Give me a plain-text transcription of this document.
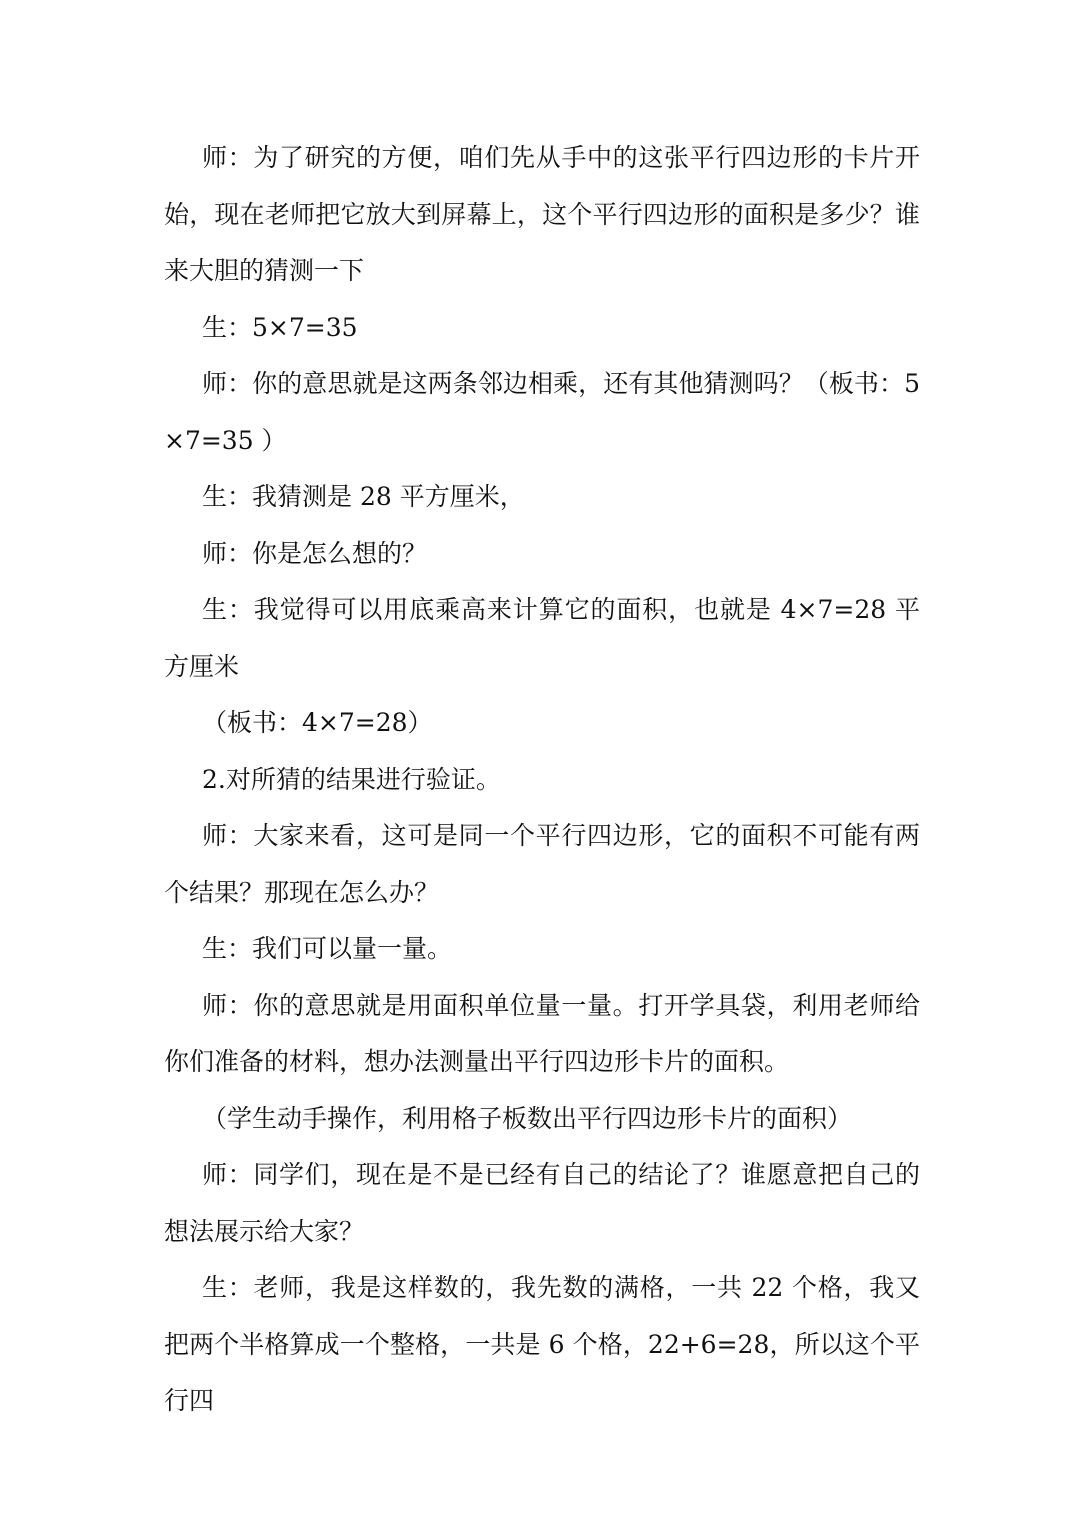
师：为了研究的方便，咱们先从手中的这张平行四边形的卡片开始，现在老师把它放大到屏幕上，这个平行四边形的面积是多少？谁来大胆的猜测一下

生：5×7=35

师：你的意思就是这两条邻边相乘，还有其他猜测吗？（板书：5×7=35 ）

生：我猜测是 28 平方厘米，

师：你是怎么想的？

生：我觉得可以用底乘高来计算它的面积，也就是 4×7=28 平方厘米

（板书：4×7=28）

2.对所猜的结果进行验证。

师：大家来看，这可是同一个平行四边形，它的面积不可能有两个结果？那现在怎么办？

生：我们可以量一量。

师：你的意思就是用面积单位量一量。打开学具袋，利用老师给你们准备的材料，想办法测量出平行四边形卡片的面积。

（学生动手操作，利用格子板数出平行四边形卡片的面积）

师：同学们，现在是不是已经有自己的结论了？谁愿意把自己的想法展示给大家？

生：老师，我是这样数的，我先数的满格，一共 22 个格，我又把两个半格算成一个整格，一共是 6 个格，22+6=28，所以这个平行四
